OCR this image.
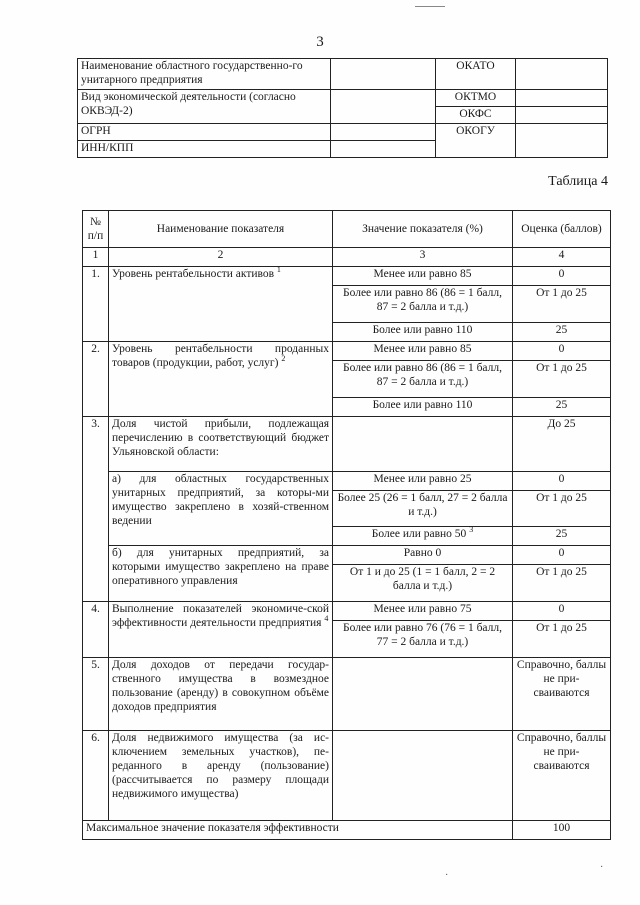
3
Наименование областного государственно-го унитарного предприятия		ОКАТО	
Вид экономической деятельности (согласно ОКВЭД-2)		ОКТМО	
		ОКФС	
ОГРН		ОКОГУ	
ИНН/КПП			
Таблица 4
№ п/п	Наименование показателя	Значение показателя (%)	Оценка (баллов)
1	2	3	4
1.	Уровень рентабельности активов $^1$	Менее или равно 85	0
		Более или равно 86 (86 = 1 балл, 87 = 2 балла и т.д.)	От 1 до 25
		Более или равно 110	25
2.	Уровень рентабельности проданных товаров (продукции, работ, услуг) $^2$	Менее или равно 85	0
		Более или равно 86 (86 = 1 балл, 87 = 2 балла и т.д.)	От 1 до 25
		Более или равно 110	25
3.	Доля чистой прибыли, подлежащая перечислению в соответствующий бюджет Ульяновской области:		До 25
	а) для областных государственных унитарных предприятий, за которы-ми имущество закреплено в хозяй-ственном ведении	Менее или равно 25	0
		Более 25 (26 = 1 балл, 27 = 2 балла и т.д.)	От 1 до 25
		Более или равно 50 $^3$	25
	б) для унитарных предприятий, за которыми имущество закреплено на праве оперативного управления	Равно 0	0
		От 1 и до 25 (1 = 1 балл, 2 = 2 балла и т.д.)	От 1 до 25
4.	Выполнение показателей экономиче-ской эффективности деятельности предприятия $^4$	Менее или равно 75	0
		Более или равно 76 (76 = 1 балл, 77 = 2 балла и т.д.)	От 1 до 25
5.	Доля доходов от передачи государ-ственного имущества в возмездное пользование (аренду) в совокупном объёме доходов предприятия		Справочно, баллы не при-сваиваются
6.	Доля недвижимого имущества (за ис-ключением земельных участков), пе-реданного в аренду (пользование) (рассчитывается по размеру площади недвижимого имущества)		Справочно, баллы не при-сваиваются
Максимальное значение показателя эффективности			100
·
·
